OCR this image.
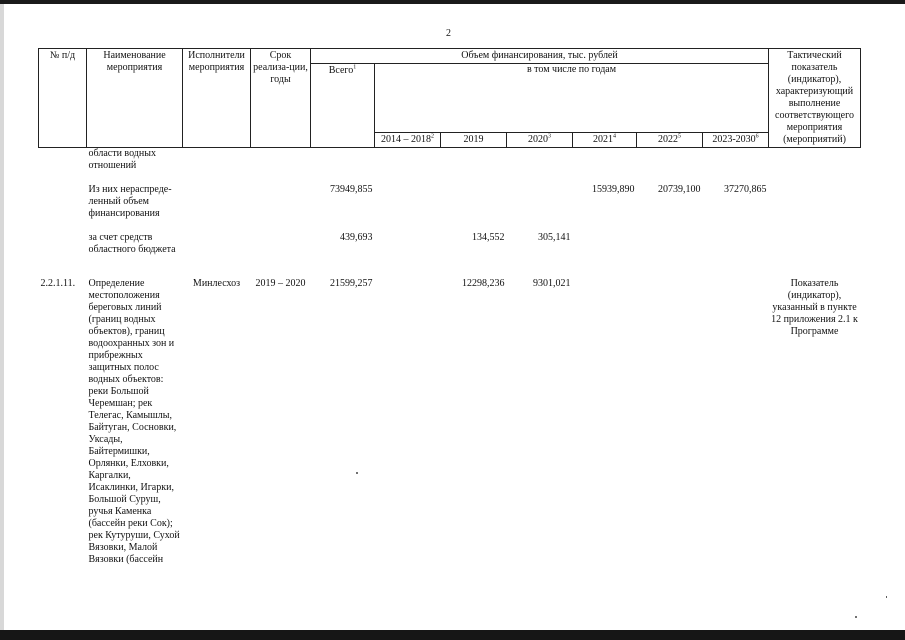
2
№ п/д	Наименование мероприятия	Исполнители мероприятия	Срок реализа-ции, годы	Объем финансирования, тыс. рублей							Тактический показатель (индикатор), характеризующий выполнение соответствующего мероприятия (мероприятий)
				Всего$^1$	в том числе по годам						
					2014 – 2018$^2$	2019	2020$^3$	2021$^4$	2022$^5$	2023-2030$^6$
	области водных отношений										
	Из них нераспреде-ленный объем финансирования			73949,855				15939,890	20739,100	37270,865	
	за счет средств областного бюджета			439,693		134,552	305,141				
2.2.1.11.	Определение местоположения береговых линий (границ водных объектов), границ водоохранных зон и прибрежных защитных полос водных объектов: реки Большой Черемшан; рек Телегас, Камышлы, Байтуган, Сосновки, Уксады, Байтермишки, Орлянки, Елховки, Каргалки, Исаклинки, Игарки, Большой Суруш, ручья Каменка (бассейн реки Сок); рек Кутуруши, Сухой Вязовки, Малой Вязовки (бассейн	Минлесхоз	2019 – 2020	21599,257		12298,236	9301,021				Показатель (индикатор), указанный в пункте 12 приложения 2.1 к Программе
